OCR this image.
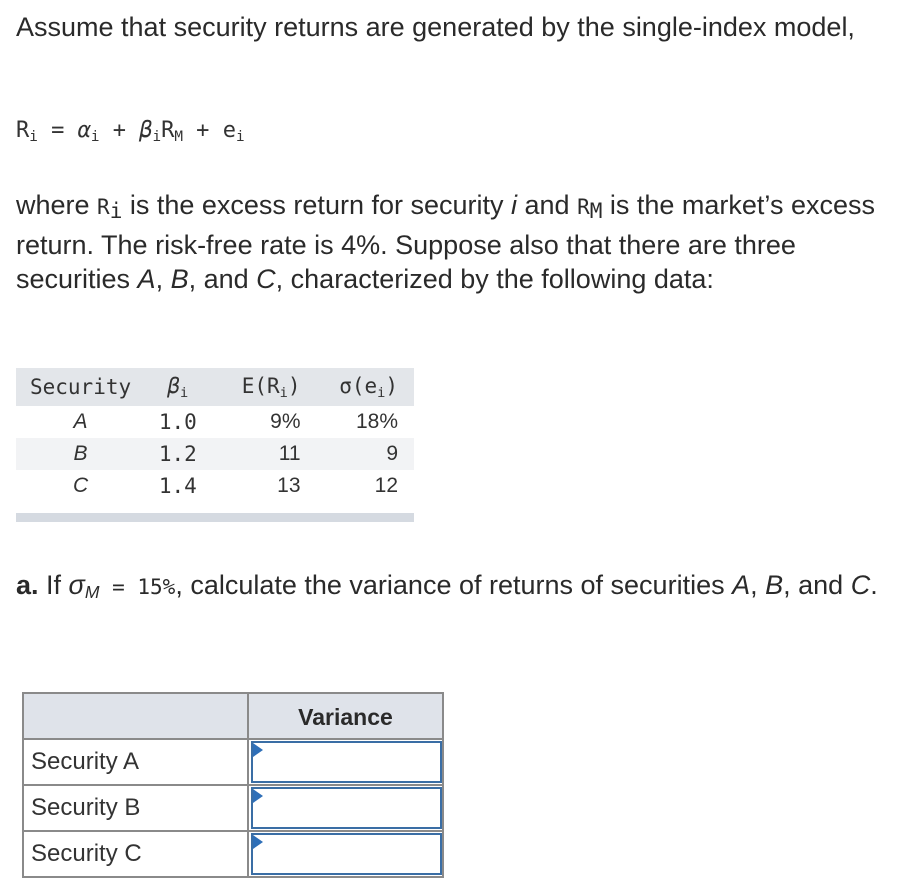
Assume that security returns are generated by the single-index model,

$R_i = \alpha_i + \beta_iR_M + e_i$

where $R_i$ is the excess return for security i and $R_M$ is the market’s excess return. The risk-free rate is 4%. Suppose also that there are three securities A, B, and C, characterized by the following data:

Security	$\beta_i$	$E(R_i)$	$\sigma(e_i)$
A	1.0	9%	18%
B	1.2	11	9
C	1.4	13	12

a. If $\sigma_M = 15\%$, calculate the variance of returns of securities A, B, and C.

Variance
Security A
Security B
Security C
